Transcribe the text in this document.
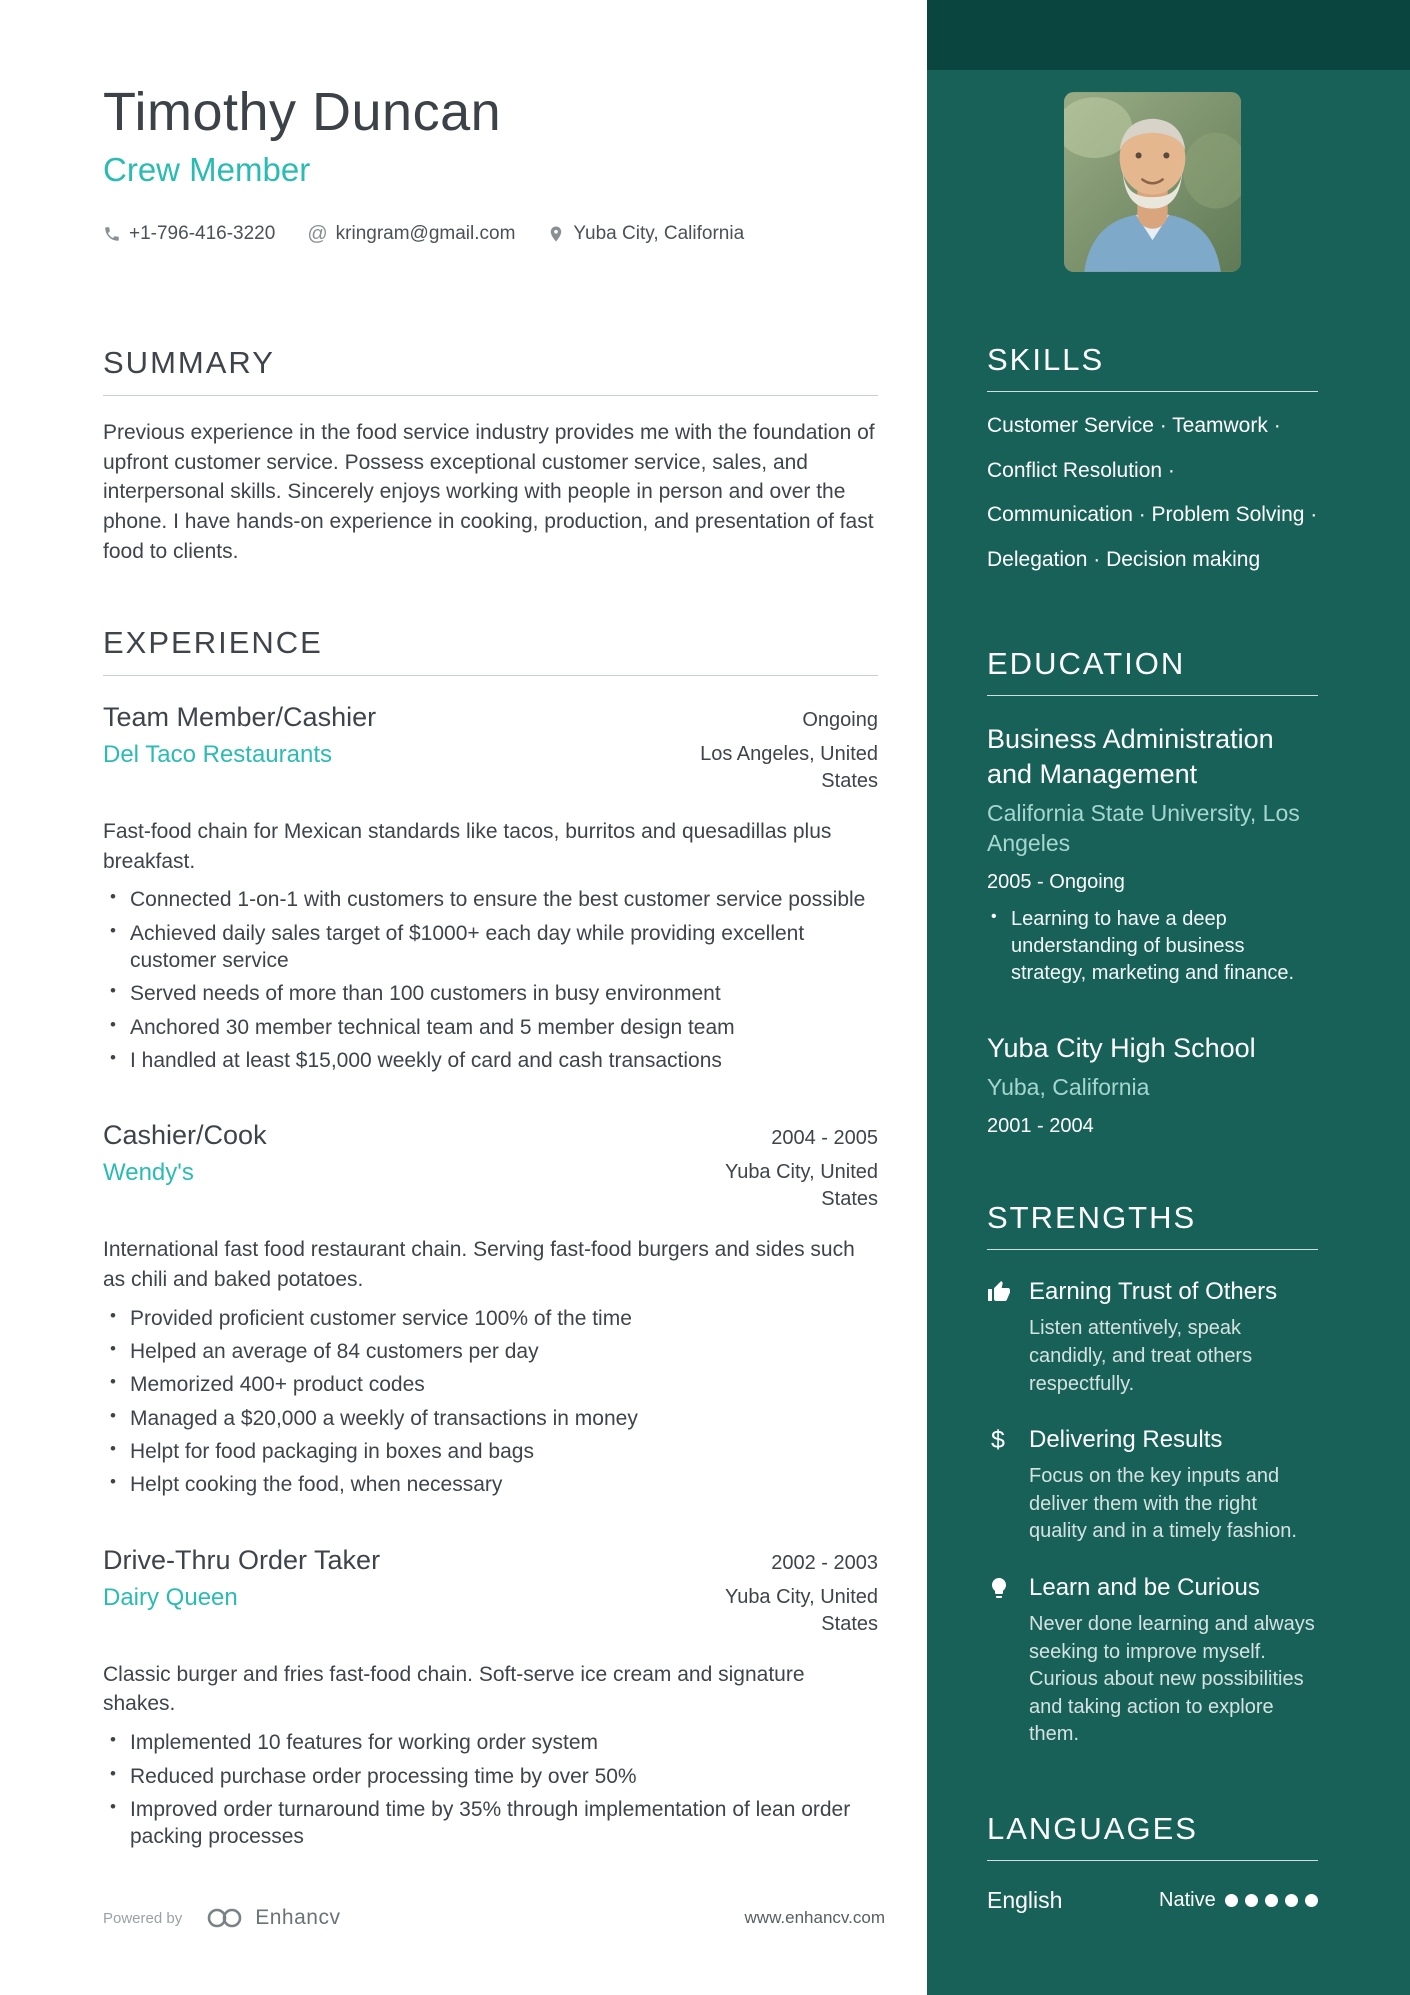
Timothy Duncan
Crew Member
+1-796-416-3220 @ kringram@gmail.com	Yuba City, California
SUMMARY

Previous experience in the food service industry provides me with the foundation of upfront customer service. Possess exceptional customer service, sales, and interpersonal skills. Sincerely enjoys working with people in person and over the phone. I have hands-on experience in cooking, production, and presentation of fast food to clients.

EXPERIENCE
Team Member/Cashier	Ongoing
Del Taco Restaurants	Los Angeles, United States

Fast-food chain for Mexican standards like tacos, burritos and quesadillas plus breakfast.

• Connected 1-on-1 with customers to ensure the best customer service possible
• Achieved daily sales target of $1000+ each day while providing excellent customer service
• Served needs of more than 100 customers in busy environment
• Anchored 30 member technical team and 5 member design team
• I handled at least $15,000 weekly of card and cash transactions
Cashier/Cook	2004 - 2005
Wendy's	Yuba City, United States

International fast food restaurant chain. Serving fast-food burgers and sides such as chili and baked potatoes.

• Provided proficient customer service 100% of the time
• Helped an average of 84 customers per day
• Memorized 400+ product codes
• Managed a $20,000 a weekly of transactions in money
• Helpt for food packaging in boxes and bags
• Helpt cooking the food, when necessary
Drive-Thru Order Taker	2002 - 2003
Dairy Queen	Yuba City, United States

Classic burger and fries fast-food chain. Soft-serve ice cream and signature shakes.

• Implemented 10 features for working order system
• Reduced purchase order processing time by over 50%
• Improved order turnaround time by 35% through implementation of lean order packing processes
SKILLS

Customer Service · Teamwork · Conflict Resolution · Communication · Problem Solving · Delegation · Decision making

EDUCATION
Business Administration and Management
California State University, Los Angeles
2005 - Ongoing
• Learning to have a deep understanding of business strategy, marketing and finance.
Yuba City High School
Yuba, California
2001 - 2004
STRENGTHS
Earning Trust of Others

Listen attentively, speak candidly, and treat others respectfully.

$	Delivering Results

Focus on the key inputs and deliver them with the right quality and in a timely fashion.

Learn and be Curious

Never done learning and always seeking to improve myself. Curious about new possibilities and taking action to explore them.

LANGUAGES
English	Native
Powered by	Enhancv	www.enhancv.com
